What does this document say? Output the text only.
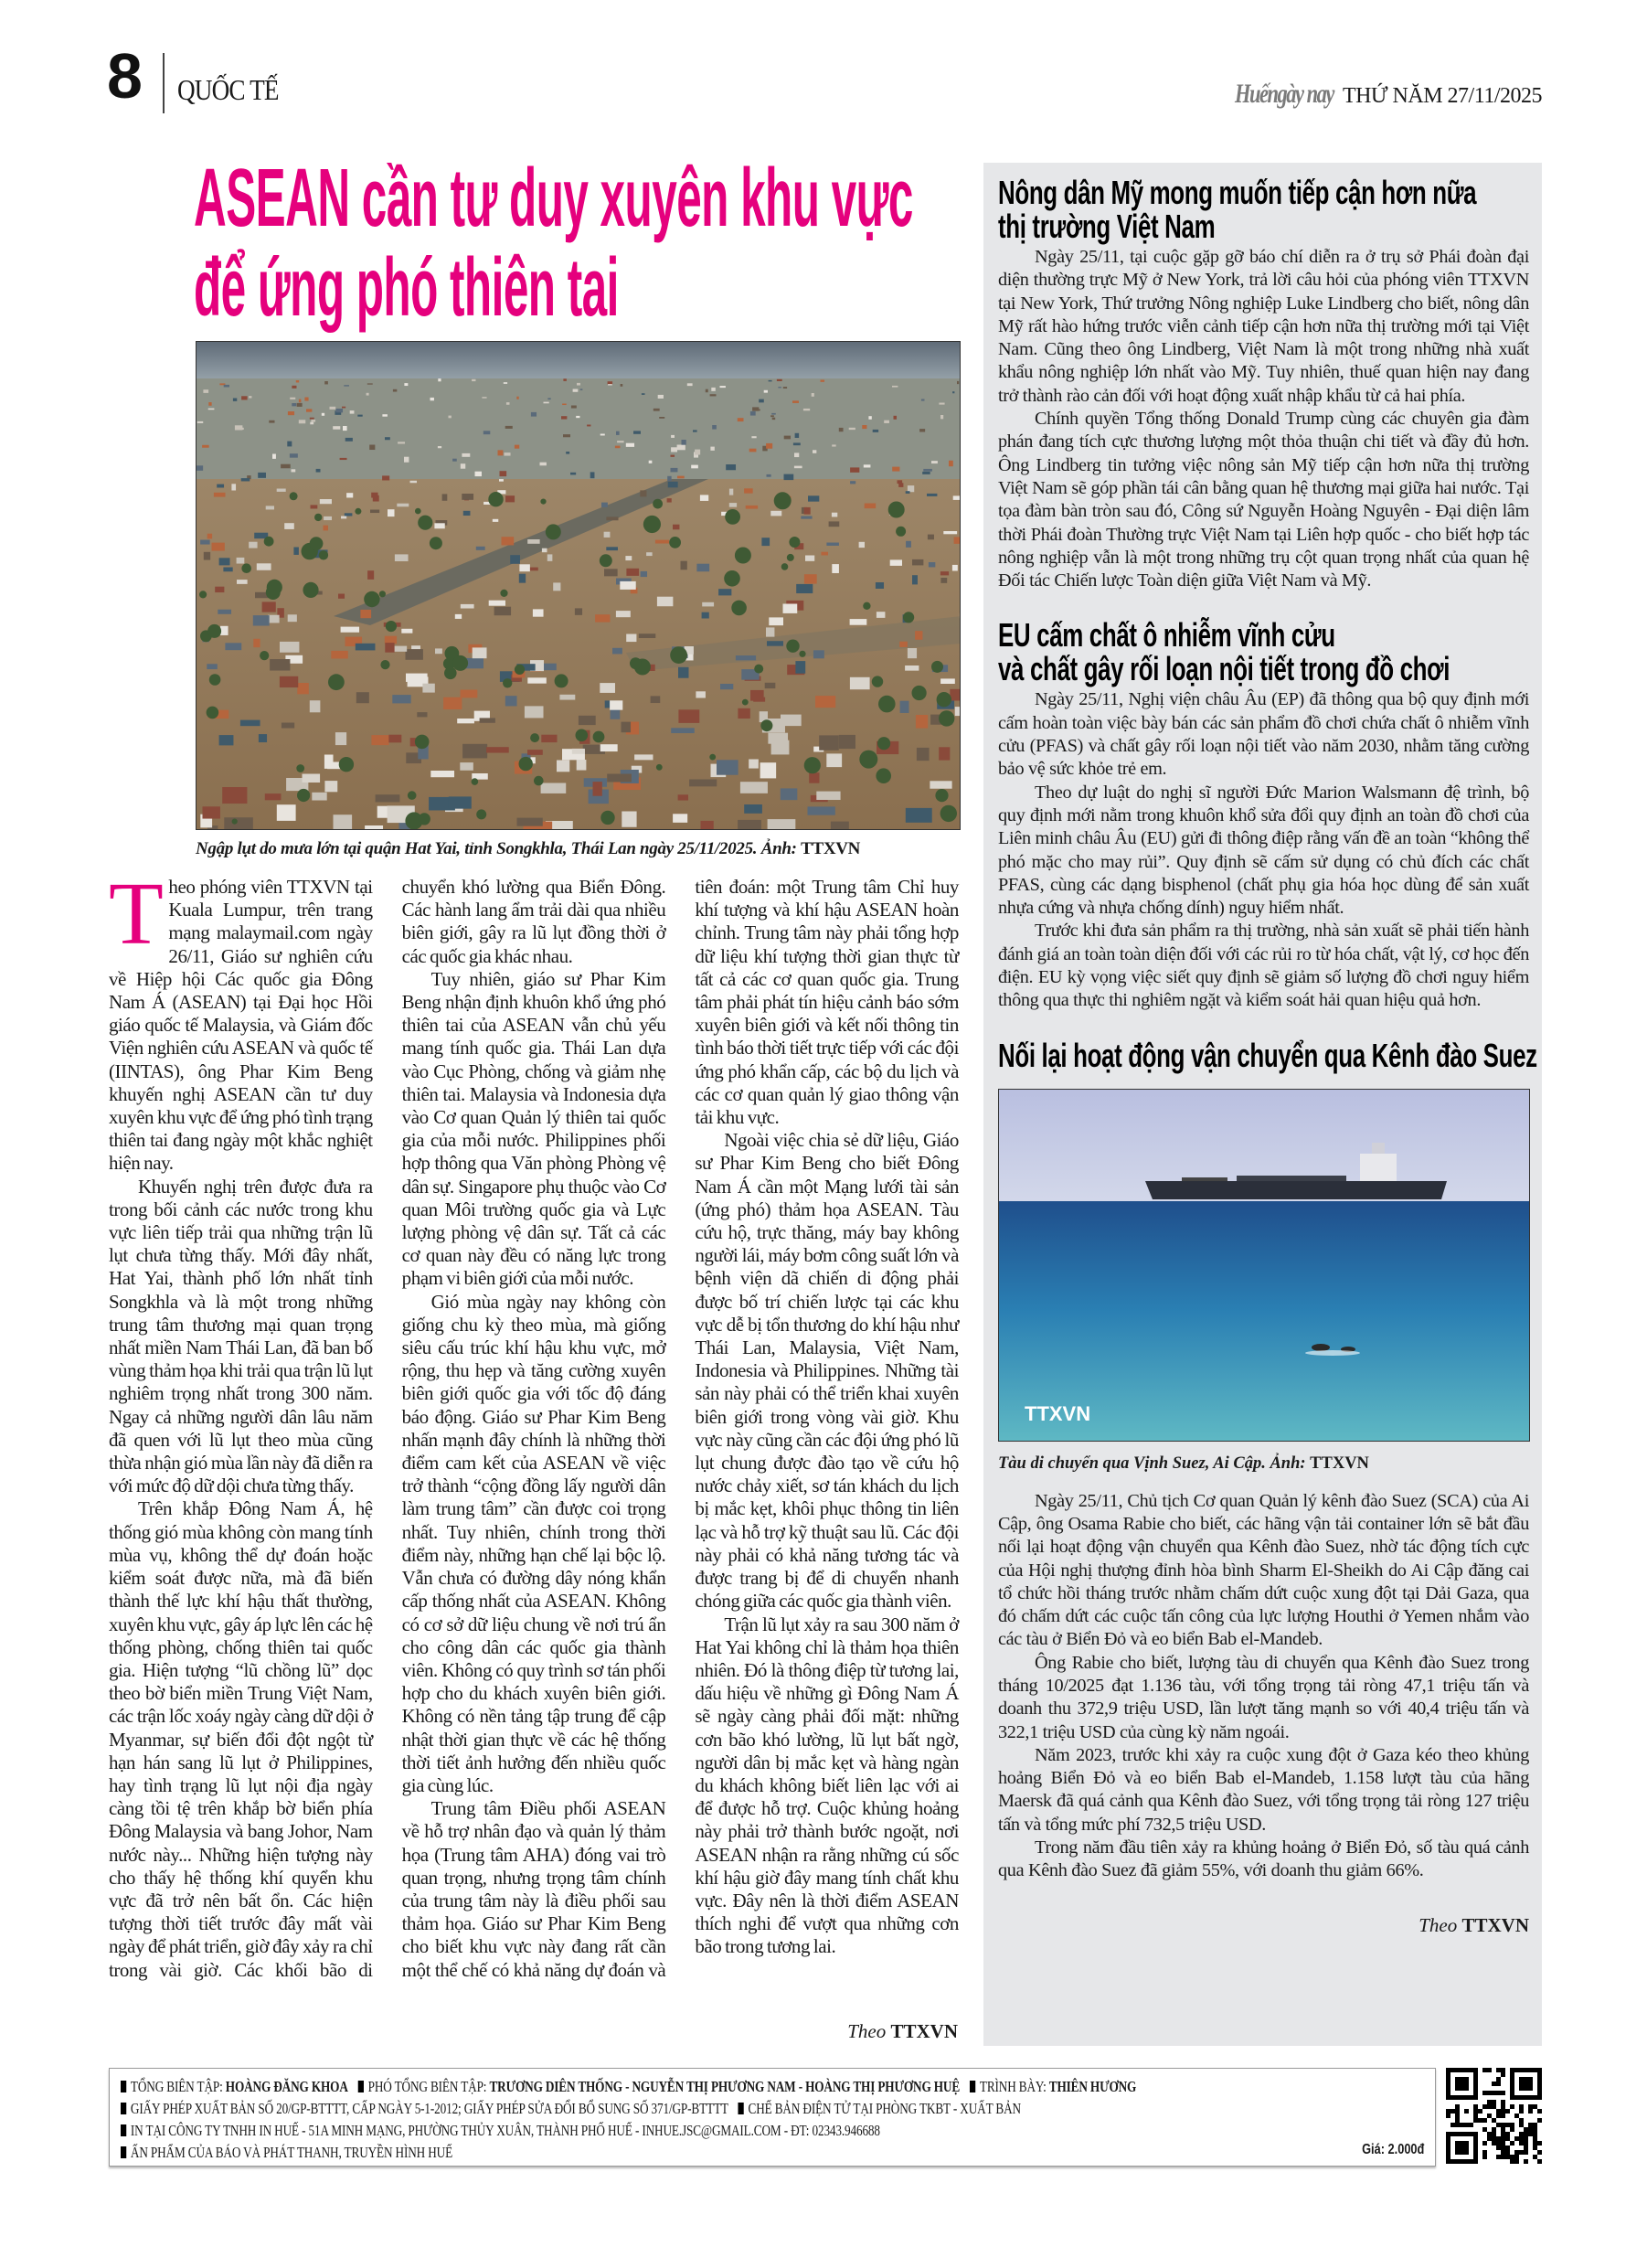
8 QUỐC TẾ	Huếngày nay THỨ NĂM 27/11/2025
ASEAN cần tư duy xuyên khu vực
để ứng phó thiên tai
Ngập lụt do mưa lớn tại quận Hat Yai, tỉnh Songkhla, Thái Lan ngày 25/11/2025. Ảnh: TTXVN

Theo phóng viên TTXVN tại Kuala Lumpur, trên trang mạng malaymail.com ngày 26/11, Giáo sư nghiên cứu về Hiệp hội Các quốc gia Đông Nam Á (ASEAN) tại Đại học Hồi giáo quốc tế Malaysia, và Giám đốc Viện nghiên cứu ASEAN và quốc tế (IINTAS), ông Phar Kim Beng khuyến nghị ASEAN cần tư duy xuyên khu vực để ứng phó tình trạng thiên tai đang ngày một khắc nghiệt hiện nay.

Khuyến nghị trên được đưa ra trong bối cảnh các nước trong khu vực liên tiếp trải qua những trận lũ lụt chưa từng thấy. Mới đây nhất, Hat Yai, thành phố lớn nhất tỉnh Songkhla và là một trong những trung tâm thương mại quan trọng nhất miền Nam Thái Lan, đã ban bố vùng thảm họa khi trải qua trận lũ lụt nghiêm trọng nhất trong 300 năm. Ngay cả những người dân lâu năm đã quen với lũ lụt theo mùa cũng thừa nhận gió mùa lần này đã diễn ra với mức độ dữ dội chưa từng thấy.

Trên khắp Đông Nam Á, hệ thống gió mùa không còn mang tính mùa vụ, không thể dự đoán hoặc kiểm soát được nữa, mà đã biến thành thế lực khí hậu thất thường, xuyên khu vực, gây áp lực lên các hệ thống phòng, chống thiên tai quốc gia. Hiện tượng “lũ chồng lũ” dọc theo bờ biển miền Trung Việt Nam, các trận lốc xoáy ngày càng dữ dội ở Myanmar, sự biến đổi đột ngột từ hạn hán sang lũ lụt ở Philippines, hay tình trạng lũ lụt nội địa ngày càng tồi tệ trên khắp bờ biển phía Đông Malaysia và bang Johor, Nam nước này... Những hiện tượng này cho thấy hệ thống khí quyển khu vực đã trở nên bất ổn. Các hiện tượng thời tiết trước đây mất vài ngày để phát triển, giờ đây xảy ra chỉ trong vài giờ. Các khối bão di chuyển khó lường qua Biển Đông. Các hành lang ẩm trải dài qua nhiều biên giới, gây ra lũ lụt đồng thời ở các quốc gia khác nhau.

Tuy nhiên, giáo sư Phar Kim Beng nhận định khuôn khổ ứng phó thiên tai của ASEAN vẫn chủ yếu mang tính quốc gia. Thái Lan dựa vào Cục Phòng, chống và giảm nhẹ thiên tai. Malaysia và Indonesia dựa vào Cơ quan Quản lý thiên tai quốc gia của mỗi nước. Philippines phối hợp thông qua Văn phòng Phòng vệ dân sự. Singapore phụ thuộc vào Cơ quan Môi trường quốc gia và Lực lượng phòng vệ dân sự. Tất cả các cơ quan này đều có năng lực trong phạm vi biên giới của mỗi nước.

Gió mùa ngày nay không còn giống chu kỳ theo mùa, mà giống siêu cấu trúc khí hậu khu vực, mở rộng, thu hẹp và tăng cường xuyên biên giới quốc gia với tốc độ đáng báo động. Giáo sư Phar Kim Beng nhấn mạnh đây chính là những thời điểm cam kết của ASEAN về việc trở thành “cộng đồng lấy người dân làm trung tâm” cần được coi trọng nhất. Tuy nhiên, chính trong thời điểm này, những hạn chế lại bộc lộ. Vẫn chưa có đường dây nóng khẩn cấp thống nhất của ASEAN. Không có cơ sở dữ liệu chung về nơi trú ẩn cho công dân các quốc gia thành viên. Không có quy trình sơ tán phối hợp cho du khách xuyên biên giới. Không có nền tảng tập trung để cập nhật thời gian thực về các hệ thống thời tiết ảnh hưởng đến nhiều quốc gia cùng lúc.

Trung tâm Điều phối ASEAN về hỗ trợ nhân đạo và quản lý thảm họa (Trung tâm AHA) đóng vai trò quan trọng, nhưng trọng tâm chính của trung tâm này là điều phối sau thảm họa. Giáo sư Phar Kim Beng cho biết khu vực này đang rất cần một thể chế có khả năng dự đoán và tiên đoán: một Trung tâm Chỉ huy khí tượng và khí hậu ASEAN hoàn chỉnh. Trung tâm này phải tổng hợp dữ liệu khí tượng thời gian thực từ tất cả các cơ quan quốc gia. Trung tâm phải phát tín hiệu cảnh báo sớm xuyên biên giới và kết nối thông tin tình báo thời tiết trực tiếp với các đội ứng phó khẩn cấp, các bộ du lịch và các cơ quan quản lý giao thông vận tải khu vực.

Ngoài việc chia sẻ dữ liệu, Giáo sư Phar Kim Beng cho biết Đông Nam Á cần một Mạng lưới tài sản (ứng phó) thảm họa ASEAN. Tàu cứu hộ, trực thăng, máy bay không người lái, máy bơm công suất lớn và bệnh viện dã chiến di động phải được bố trí chiến lược tại các khu vực dễ bị tổn thương do khí hậu như Thái Lan, Malaysia, Việt Nam, Indonesia và Philippines. Những tài sản này phải có thể triển khai xuyên biên giới trong vòng vài giờ. Khu vực này cũng cần các đội ứng phó lũ lụt chung được đào tạo về cứu hộ nước chảy xiết, sơ tán khách du lịch bị mắc kẹt, khôi phục thông tin liên lạc và hỗ trợ kỹ thuật sau lũ. Các đội này phải có khả năng tương tác và được trang bị để di chuyển nhanh chóng giữa các quốc gia thành viên.

Trận lũ lụt xảy ra sau 300 năm ở Hat Yai không chỉ là thảm họa thiên nhiên. Đó là thông điệp từ tương lai, dấu hiệu về những gì Đông Nam Á sẽ ngày càng phải đối mặt: những cơn bão khó lường, lũ lụt bất ngờ, người dân bị mắc kẹt và hàng ngàn du khách không biết liên lạc với ai để được hỗ trợ. Cuộc khủng hoảng này phải trở thành bước ngoặt, nơi ASEAN nhận ra rằng những cú sốc khí hậu giờ đây mang tính chất khu vực. Đây nên là thời điểm ASEAN thích nghi để vượt qua những cơn bão trong tương lai.

Theo TTXVN
Nông dân Mỹ mong muốn tiếp cận hơn nữa
thị trường Việt Nam

Ngày 25/11, tại cuộc gặp gỡ báo chí diễn ra ở trụ sở Phái đoàn đại diện thường trực Mỹ ở New York, trả lời câu hỏi của phóng viên TTXVN tại New York, Thứ trưởng Nông nghiệp Luke Lindberg cho biết, nông dân Mỹ rất hào hứng trước viễn cảnh tiếp cận hơn nữa thị trường mới tại Việt Nam. Cũng theo ông Lindberg, Việt Nam là một trong những nhà xuất khẩu nông nghiệp lớn nhất vào Mỹ. Tuy nhiên, thuế quan hiện nay đang trở thành rào cản đối với hoạt động xuất nhập khẩu từ cả hai phía.

Chính quyền Tổng thống Donald Trump cùng các chuyên gia đàm phán đang tích cực thương lượng một thỏa thuận chi tiết và đầy đủ hơn. Ông Lindberg tin tưởng việc nông sản Mỹ tiếp cận hơn nữa thị trường Việt Nam sẽ góp phần tái cân bằng quan hệ thương mại giữa hai nước. Tại tọa đàm bàn tròn sau đó, Công sứ Nguyễn Hoàng Nguyên - Đại diện lâm thời Phái đoàn Thường trực Việt Nam tại Liên hợp quốc - cho biết hợp tác nông nghiệp vẫn là một trong những trụ cột quan trọng nhất của quan hệ Đối tác Chiến lược Toàn diện giữa Việt Nam và Mỹ.

EU cấm chất ô nhiễm vĩnh cửu
và chất gây rối loạn nội tiết trong đồ chơi

Ngày 25/11, Nghị viện châu Âu (EP) đã thông qua bộ quy định mới cấm hoàn toàn việc bày bán các sản phẩm đồ chơi chứa chất ô nhiễm vĩnh cửu (PFAS) và chất gây rối loạn nội tiết vào năm 2030, nhằm tăng cường bảo vệ sức khỏe trẻ em.

Theo dự luật do nghị sĩ người Đức Marion Walsmann đệ trình, bộ quy định mới nằm trong khuôn khổ sửa đổi quy định an toàn đồ chơi của Liên minh châu Âu (EU) gửi đi thông điệp rằng vấn đề an toàn “không thể phó mặc cho may rủi”. Quy định sẽ cấm sử dụng có chủ đích các chất PFAS, cùng các dạng bisphenol (chất phụ gia hóa học dùng để sản xuất nhựa cứng và nhựa chống dính) nguy hiểm nhất.

Trước khi đưa sản phẩm ra thị trường, nhà sản xuất sẽ phải tiến hành đánh giá an toàn toàn diện đối với các rủi ro từ hóa chất, vật lý, cơ học đến điện. EU kỳ vọng việc siết quy định sẽ giảm số lượng đồ chơi nguy hiểm thông qua thực thi nghiêm ngặt và kiểm soát hải quan hiệu quả hơn.

Nối lại hoạt động vận chuyển qua Kênh đào Suez
TTXVN
Tàu di chuyển qua Vịnh Suez, Ai Cập. Ảnh: TTXVN

Ngày 25/11, Chủ tịch Cơ quan Quản lý kênh đào Suez (SCA) của Ai Cập, ông Osama Rabie cho biết, các hãng vận tải container lớn sẽ bắt đầu nối lại hoạt động vận chuyển qua Kênh đào Suez, nhờ tác động tích cực của Hội nghị thượng đỉnh hòa bình Sharm El-Sheikh do Ai Cập đăng cai tổ chức hồi tháng trước nhằm chấm dứt cuộc xung đột tại Dải Gaza, qua đó chấm dứt các cuộc tấn công của lực lượng Houthi ở Yemen nhắm vào các tàu ở Biển Đỏ và eo biển Bab el-Mandeb.

Ông Rabie cho biết, lượng tàu di chuyển qua Kênh đào Suez trong tháng 10/2025 đạt 1.136 tàu, với tổng trọng tải ròng 47,1 triệu tấn và doanh thu 372,9 triệu USD, lần lượt tăng mạnh so với 40,4 triệu tấn và 322,1 triệu USD của cùng kỳ năm ngoái.

Năm 2023, trước khi xảy ra cuộc xung đột ở Gaza kéo theo khủng hoảng Biển Đỏ và eo biển Bab el-Mandeb, 1.158 lượt tàu của hãng Maersk đã quá cảnh qua Kênh đào Suez, với tổng trọng tải ròng 127 triệu tấn và tổng mức phí 732,5 triệu USD.

Trong năm đầu tiên xảy ra khủng hoảng ở Biển Đỏ, số tàu quá cảnh qua Kênh đào Suez đã giảm 55%, với doanh thu giảm 66%.

Theo TTXVN
TỔNG BIÊN TẬP: HOÀNG ĐĂNG KHOA PHÓ TỔNG BIÊN TẬP: TRƯƠNG DIÊN THỐNG - NGUYỄN THỊ PHƯƠNG NAM - HOÀNG THỊ PHƯƠNG HUỆ TRÌNH BÀY: THIÊN HƯƠNG
GIẤY PHÉP XUẤT BẢN SỐ 20/GP-BTTTT, CẤP NGÀY 5-1-2012; GIẤY PHÉP SỬA ĐỔI BỔ SUNG SỐ 371/GP-BTTTT CHẾ BẢN ĐIỆN TỬ TẠI PHÒNG TKBT - XUẤT BẢN
IN TẠI CÔNG TY TNHH IN HUẾ - 51A MINH MẠNG, PHƯỜNG THỦY XUÂN, THÀNH PHỐ HUẾ - INHUE.JSC@GMAIL.COM - ĐT: 02343.946688
ẤN PHẨM CỦA BÁO VÀ PHÁT THANH, TRUYỀN HÌNH HUẾ	Giá: 2.000đ
